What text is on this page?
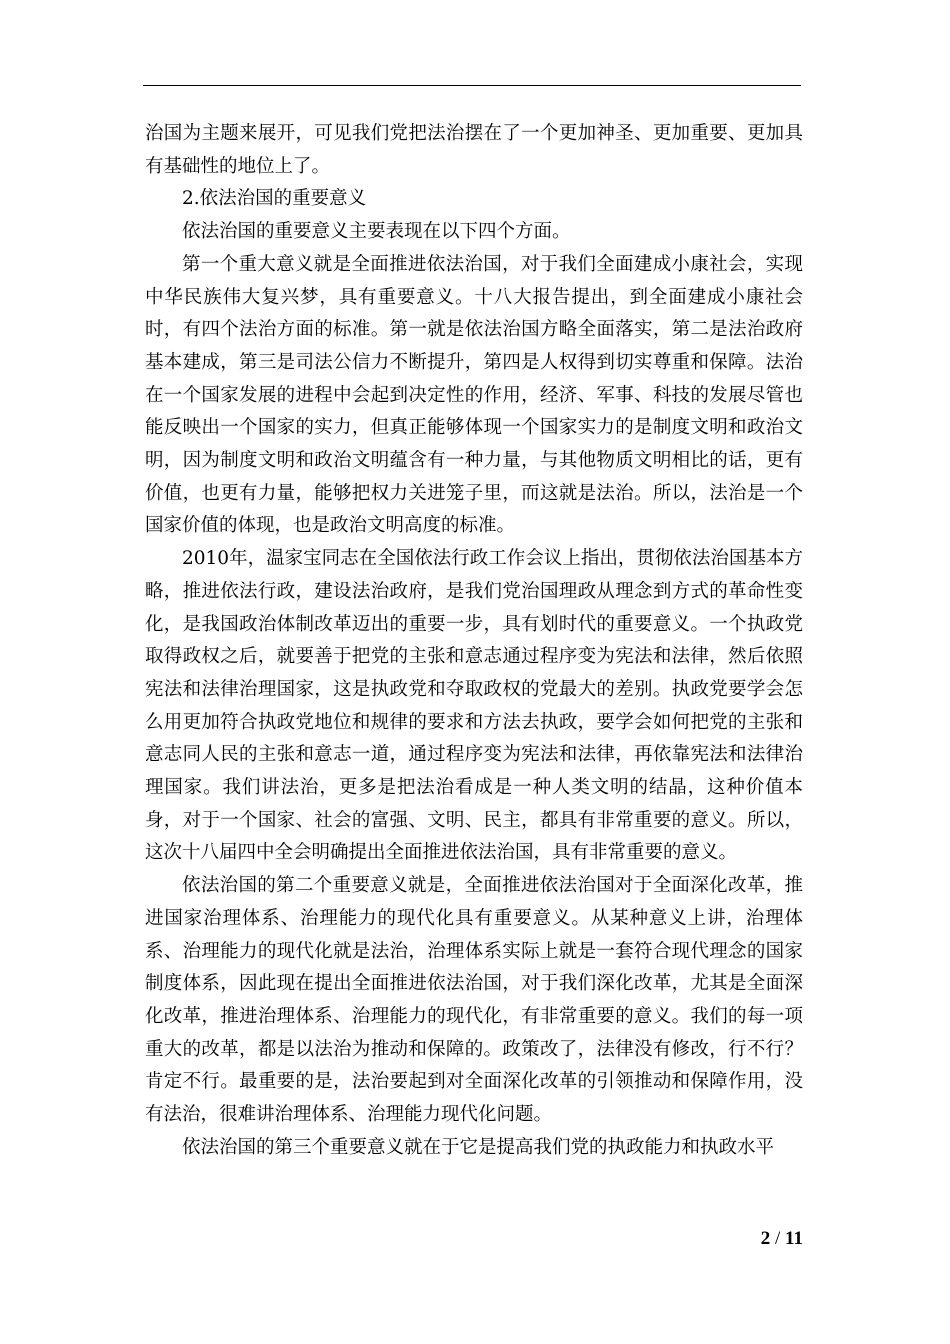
治国为主题来展开，可见我们党把法治摆在了一个更加神圣、更加重要、更加具有基础性的地位上了。

2.依法治国的重要意义

依法治国的重要意义主要表现在以下四个方面。

第一个重大意义就是全面推进依法治国，对于我们全面建成小康社会，实现中华民族伟大复兴梦，具有重要意义。十八大报告提出，到全面建成小康社会时，有四个法治方面的标准。第一就是依法治国方略全面落实，第二是法治政府基本建成，第三是司法公信力不断提升，第四是人权得到切实尊重和保障。法治在一个国家发展的进程中会起到决定性的作用，经济、军事、科技的发展尽管也能反映出一个国家的实力，但真正能够体现一个国家实力的是制度文明和政治文明，因为制度文明和政治文明蕴含有一种力量，与其他物质文明相比的话，更有价值，也更有力量，能够把权力关进笼子里，而这就是法治。所以，法治是一个国家价值的体现，也是政治文明高度的标准。

2010年，温家宝同志在全国依法行政工作会议上指出，贯彻依法治国基本方略，推进依法行政，建设法治政府，是我们党治国理政从理念到方式的革命性变化，是我国政治体制改革迈出的重要一步，具有划时代的重要意义。一个执政党取得政权之后，就要善于把党的主张和意志通过程序变为宪法和法律，然后依照宪法和法律治理国家，这是执政党和夺取政权的党最大的差别。执政党要学会怎么用更加符合执政党地位和规律的要求和方法去执政，要学会如何把党的主张和意志同人民的主张和意志一道，通过程序变为宪法和法律，再依靠宪法和法律治理国家。我们讲法治，更多是把法治看成是一种人类文明的结晶，这种价值本身，对于一个国家、社会的富强、文明、民主，都具有非常重要的意义。所以，这次十八届四中全会明确提出全面推进依法治国，具有非常重要的意义。

依法治国的第二个重要意义就是，全面推进依法治国对于全面深化改革，推进国家治理体系、治理能力的现代化具有重要意义。从某种意义上讲，治理体系、治理能力的现代化就是法治，治理体系实际上就是一套符合现代理念的国家制度体系，因此现在提出全面推进依法治国，对于我们深化改革，尤其是全面深化改革，推进治理体系、治理能力的现代化，有非常重要的意义。我们的每一项重大的改革，都是以法治为推动和保障的。政策改了，法律没有修改，行不行？肯定不行。最重要的是，法治要起到对全面深化改革的引领推动和保障作用，没有法治，很难讲治理体系、治理能力现代化问题。

依法治国的第三个重要意义就在于它是提高我们党的执政能力和执政水平

2 / 11
